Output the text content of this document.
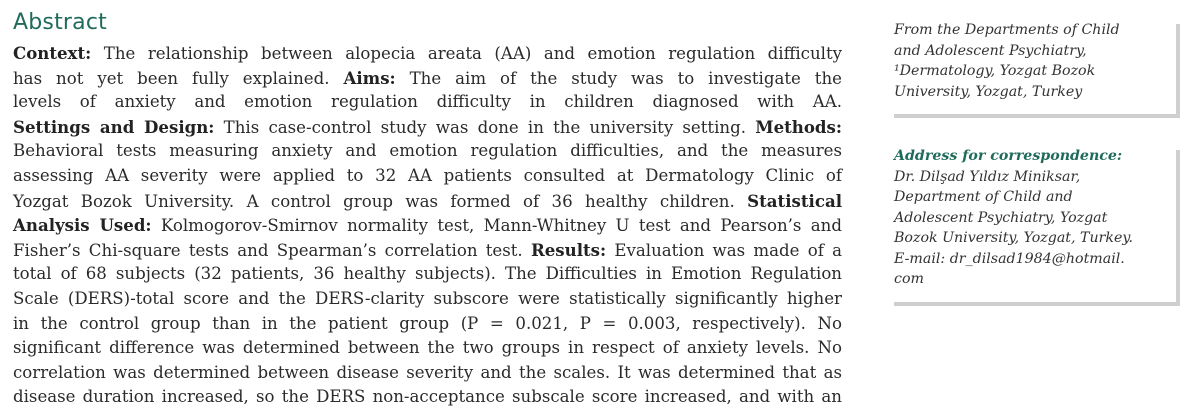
Abstract
Context: The relationship between alopecia areata (AA) and emotion regulation difficulty
has not yet been fully explained. Aims: The aim of the study was to investigate the
levels of anxiety and emotion regulation difficulty in children diagnosed with AA.
Settings and Design: This case-control study was done in the university setting. Methods:
Behavioral tests measuring anxiety and emotion regulation difficulties, and the measures
assessing AA severity were applied to 32 AA patients consulted at Dermatology Clinic of
Yozgat Bozok University. A control group was formed of 36 healthy children. Statistical
Analysis Used: Kolmogorov-Smirnov normality test, Mann-Whitney U test and Pearson’s and
Fisher’s Chi-square tests and Spearman’s correlation test. Results: Evaluation was made of a
total of 68 subjects (32 patients, 36 healthy subjects). The Difficulties in Emotion Regulation
Scale (DERS)-total score and the DERS-clarity subscore were statistically significantly higher
in the control group than in the patient group (P = 0.021, P = 0.003, respectively). No
significant difference was determined between the two groups in respect of anxiety levels. No
correlation was determined between disease severity and the scales. It was determined that as
disease duration increased, so the DERS non-acceptance subscale score increased, and with an
From the Departments of Child
and Adolescent Psychiatry,
¹Dermatology, Yozgat Bozok
University, Yozgat, Turkey
Address for correspondence:
Dr. Dilşad Yıldız Miniksar,
Department of Child and
Adolescent Psychiatry, Yozgat
Bozok University, Yozgat, Turkey.
E-mail: dr_dilsad1984@hotmail.
com
